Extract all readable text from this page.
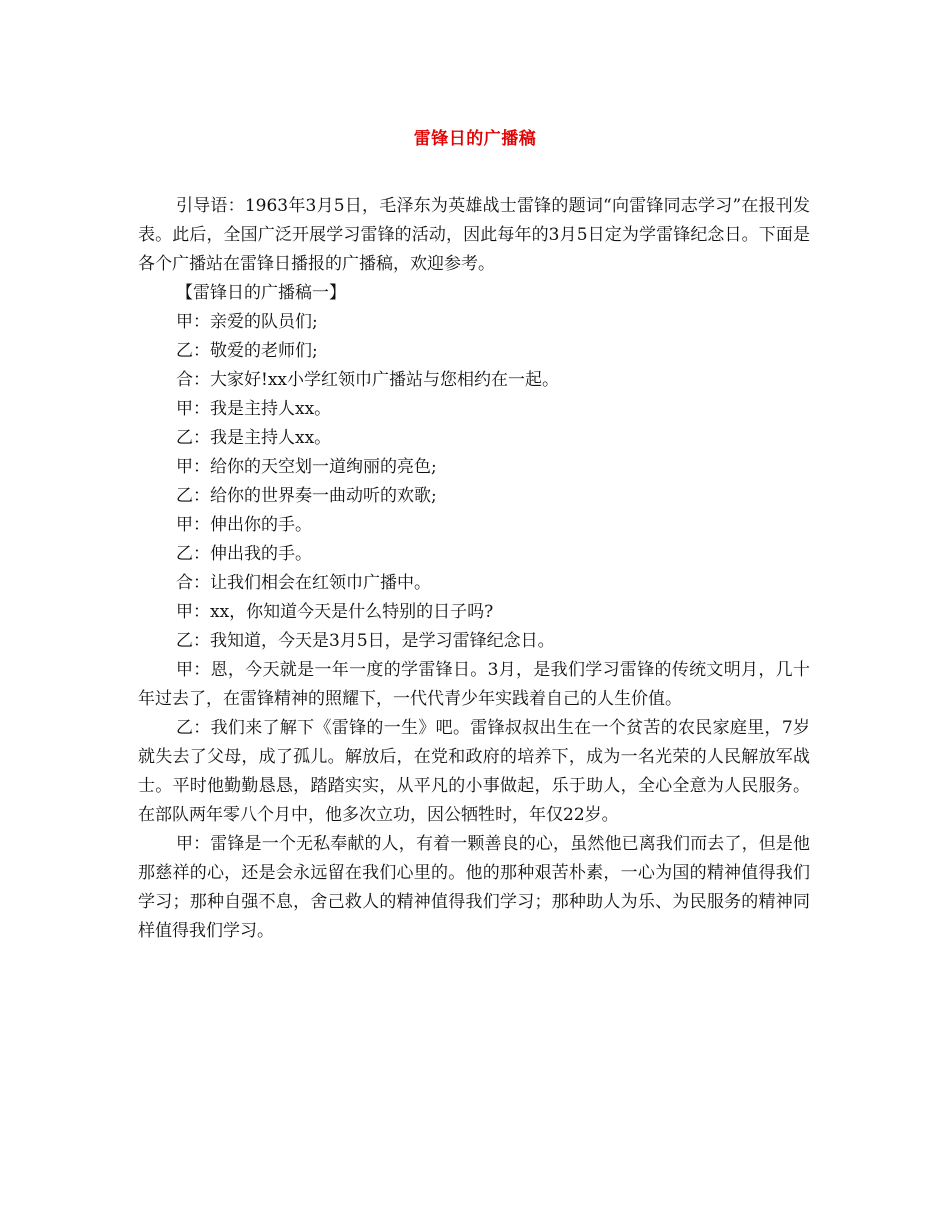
雷锋日的广播稿

引导语：1963年3月5日，毛泽东为英雄战士雷锋的题词“向雷锋同志学习”在报刊发表。此后，全国广泛开展学习雷锋的活动，因此每年的3月5日定为学雷锋纪念日。下面是各个广播站在雷锋日播报的广播稿，欢迎参考。

【雷锋日的广播稿一】

甲：亲爱的队员们;

乙：敬爱的老师们;

合：大家好!xx小学红领巾广播站与您相约在一起。

甲：我是主持人xx。

乙：我是主持人xx。

甲：给你的天空划一道绚丽的亮色;

乙：给你的世界奏一曲动听的欢歌;

甲：伸出你的手。

乙：伸出我的手。

合：让我们相会在红领巾广播中。

甲：xx，你知道今天是什么特别的日子吗?

乙：我知道，今天是3月5日，是学习雷锋纪念日。

甲：恩，今天就是一年一度的学雷锋日。3月，是我们学习雷锋的传统文明月，几十年过去了，在雷锋精神的照耀下，一代代青少年实践着自己的人生价值。

乙：我们来了解下《雷锋的一生》吧。雷锋叔叔出生在一个贫苦的农民家庭里，7岁就失去了父母，成了孤儿。解放后，在党和政府的培养下，成为一名光荣的人民解放军战士。平时他勤勤恳恳，踏踏实实，从平凡的小事做起，乐于助人，全心全意为人民服务。在部队两年零八个月中，他多次立功，因公牺牲时，年仅22岁。

甲：雷锋是一个无私奉献的人，有着一颗善良的心，虽然他已离我们而去了，但是他那慈祥的心，还是会永远留在我们心里的。他的那种艰苦朴素，一心为国的精神值得我们学习；那种自强不息，舍己救人的精神值得我们学习；那种助人为乐、为民服务的精神同样值得我们学习。
